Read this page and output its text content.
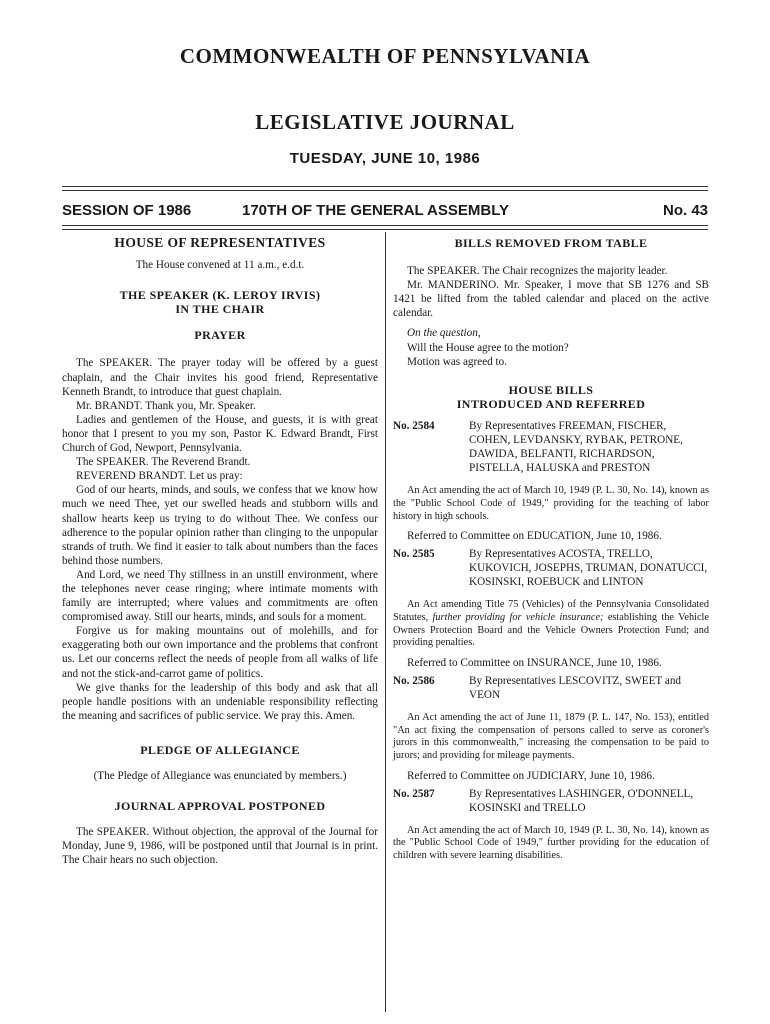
COMMONWEALTH OF PENNSYLVANIA
LEGISLATIVE JOURNAL
TUESDAY, JUNE 10, 1986
SESSION OF 1986	170TH OF THE GENERAL ASSEMBLY	No. 43
HOUSE OF REPRESENTATIVES

The House convened at 11 a.m., e.d.t.

THE SPEAKER (K. LEROY IRVIS)
IN THE CHAIR
PRAYER

The SPEAKER. The prayer today will be offered by a guest chaplain, and the Chair invites his good friend, Representative Kenneth Brandt, to introduce that guest chaplain.

Mr. BRANDT. Thank you, Mr. Speaker.

Ladies and gentlemen of the House, and guests, it is with great honor that I present to you my son, Pastor K. Edward Brandt, First Church of God, Newport, Pennsylvania.

The SPEAKER. The Reverend Brandt.

REVEREND BRANDT. Let us pray:

God of our hearts, minds, and souls, we confess that we know how much we need Thee, yet our swelled heads and stubborn wills and shallow hearts keep us trying to do without Thee. We confess our adherence to the popular opinion rather than clinging to the unpopular strands of truth. We find it easier to talk about numbers than the faces behind those numbers.

And Lord, we need Thy stillness in an unstill environment, where the telephones never cease ringing; where intimate moments with family are interrupted; where values and commitments are often compromised away. Still our hearts, minds, and souls for a moment.

Forgive us for making mountains out of molehills, and for exaggerating both our own importance and the problems that confront us. Let our concerns reflect the needs of people from all walks of life and not the stick-and-carrot game of politics.

We give thanks for the leadership of this body and ask that all people handle positions with an undeniable responsibility reflecting the meaning and sacrifices of public service. We pray this. Amen.

PLEDGE OF ALLEGIANCE

(The Pledge of Allegiance was enunciated by members.)

JOURNAL APPROVAL POSTPONED

The SPEAKER. Without objection, the approval of the Journal for Monday, June 9, 1986, will be postponed until that Journal is in print. The Chair hears no such objection.

BILLS REMOVED FROM TABLE

The SPEAKER. The Chair recognizes the majority leader.

Mr. MANDERINO. Mr. Speaker, I move that SB 1276 and SB 1421 be lifted from the tabled calendar and placed on the active calendar.

On the question,

Will the House agree to the motion?

Motion was agreed to.

HOUSE BILLS
INTRODUCED AND REFERRED
No. 2584	By Representatives FREEMAN, FISCHER, COHEN, LEVDANSKY, RYBAK, PETRONE, DAWIDA, BELFANTI, RICHARDSON, PISTELLA, HALUSKA and PRESTON

An Act amending the act of March 10, 1949 (P. L. 30, No. 14), known as the "Public School Code of 1949," providing for the teaching of labor history in high schools.

Referred to Committee on EDUCATION, June 10, 1986.

No. 2585	By Representatives ACOSTA, TRELLO, KUKOVICH, JOSEPHS, TRUMAN, DONATUCCI, KOSINSKI, ROEBUCK and LINTON

An Act amending Title 75 (Vehicles) of the Pennsylvania Consolidated Statutes, further providing for vehicle insurance; establishing the Vehicle Owners Protection Board and the Vehicle Owners Protection Fund; and providing penalties.

Referred to Committee on INSURANCE, June 10, 1986.

No. 2586	By Representatives LESCOVITZ, SWEET and VEON

An Act amending the act of June 11, 1879 (P. L. 147, No. 153), entitled "An act fixing the compensation of persons called to serve as coroner's jurors in this commonwealth," increasing the compensation to be paid to jurors; and providing for mileage payments.

Referred to Committee on JUDICIARY, June 10, 1986.

No. 2587	By Representatives LASHINGER, O'DONNELL, KOSINSKI and TRELLO

An Act amending the act of March 10, 1949 (P. L. 30, No. 14), known as the "Public School Code of 1949," further providing for the education of children with severe learning disabilities.
